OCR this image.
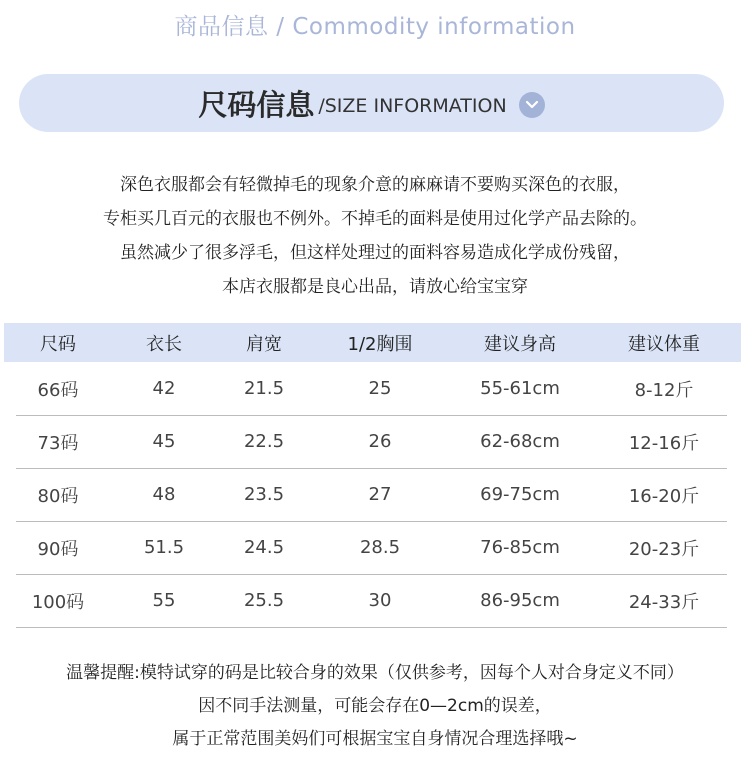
商品信息 / Commodity information
尺码信息 /SIZE INFORMATION

深色衣服都会有轻微掉毛的现象介意的麻麻请不要购买深色的衣服，

专柜买几百元的衣服也不例外。不掉毛的面料是使用过化学产品去除的。

虽然减少了很多浮毛，但这样处理过的面料容易造成化学成份残留，

本店衣服都是良心出品，请放心给宝宝穿

尺码	衣长	肩宽	1/2胸围	建议身高	建议体重
66码	42	21.5	25	55-61cm	8-12斤
73码	45	22.5	26	62-68cm	12-16斤
80码	48	23.5	27	69-75cm	16-20斤
90码	51.5	24.5	28.5	76-85cm	20-23斤
100码	55	25.5	30	86-95cm	24-33斤

温馨提醒:模特试穿的码是比较合身的效果（仅供参考，因每个人对合身定义不同）

因不同手法测量，可能会存在0—2cm的误差，

属于正常范围美妈们可根据宝宝自身情况合理选择哦~
